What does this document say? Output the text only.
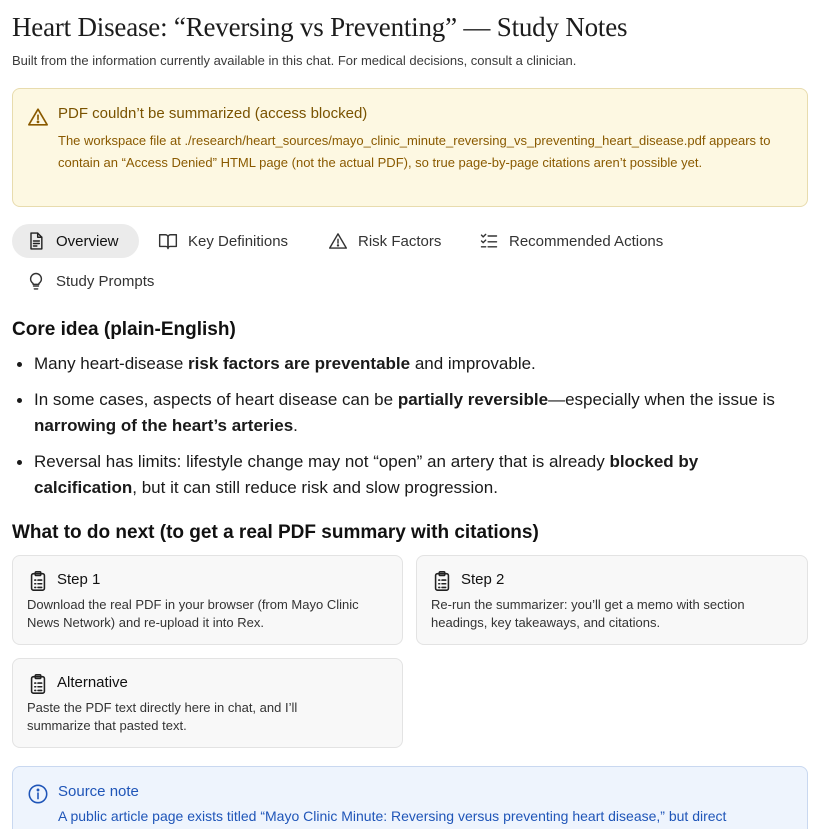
Heart Disease: “Reversing vs Preventing” — Study Notes
Built from the information currently available in this chat. For medical decisions, consult a clinician.
PDF couldn’t be summarized (access blocked)
The workspace file at ./research/heart_sources/mayo_clinic_minute_reversing_vs_preventing_heart_disease.pdf appears to contain an “Access Denied” HTML page (not the actual PDF), so true page-by-page citations aren’t possible yet.
Overview	Key Definitions	Risk Factors	Recommended Actions
Study Prompts
Core idea (plain-English)
Many heart-disease risk factors are preventable and improvable.
In some cases, aspects of heart disease can be partially reversible—especially when the issue is narrowing of the heart’s arteries.
Reversal has limits: lifestyle change may not “open” an artery that is already blocked by calcification, but it can still reduce risk and slow progression.
What to do next (to get a real PDF summary with citations)
Step 1
Download the real PDF in your browser (from Mayo Clinic News Network) and re-upload it into Rex.
Step 2
Re-run the summarizer: you’ll get a memo with section headings, key takeaways, and citations.
Alternative
Paste the PDF text directly here in chat, and I’ll summarize that pasted text.
Source note
A public article page exists titled “Mayo Clinic Minute: Reversing versus preventing heart disease,” but direct
